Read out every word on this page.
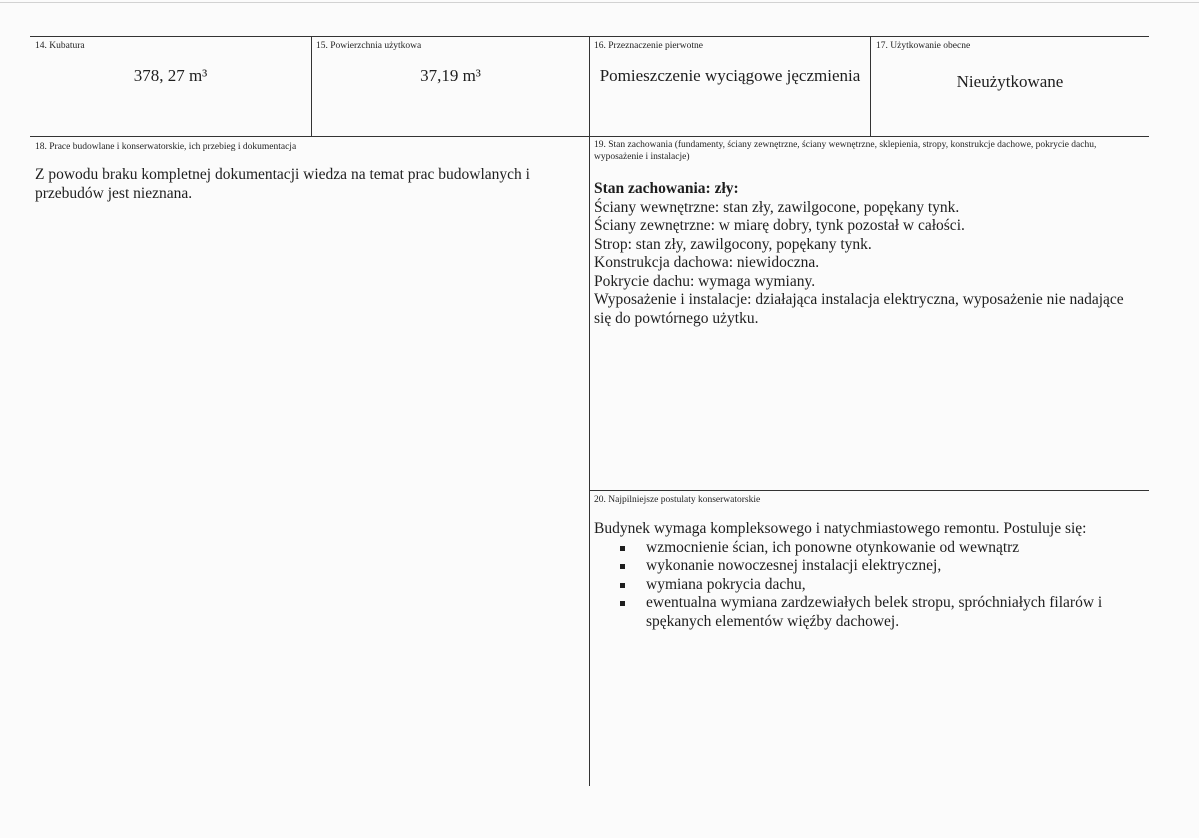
14. Kubatura
378, 27 m³
15. Powierzchnia użytkowa
37,19 m³
16. Przeznaczenie pierwotne
Pomieszczenie wyciągowe jęczmienia
17. Użytkowanie obecne
Nieużytkowane
18. Prace budowlane i konserwatorskie, ich przebieg i dokumentacja
Z powodu braku kompletnej dokumentacji wiedza na temat prac budowlanych i
przebudów jest nieznana.
19. Stan zachowania (fundamenty, ściany zewnętrzne, ściany wewnętrzne, sklepienia, stropy, konstrukcje dachowe, pokrycie dachu, wyposażenie i instalacje)
Stan zachowania: zły:
Ściany wewnętrzne: stan zły, zawilgocone, popękany tynk.
Ściany zewnętrzne: w miarę dobry, tynk pozostał w całości.
Strop: stan zły, zawilgocony, popękany tynk.
Konstrukcja dachowa: niewidoczna.
Pokrycie dachu: wymaga wymiany.
Wyposażenie i instalacje: działająca instalacja elektryczna, wyposażenie nie nadające
się do powtórnego użytku.
20. Najpilniejsze postulaty konserwatorskie
Budynek wymaga kompleksowego i natychmiastowego remontu. Postuluje się:
wzmocnienie ścian, ich ponowne otynkowanie od wewnątrz
wykonanie nowoczesnej instalacji elektrycznej,
wymiana pokrycia dachu,
ewentualna wymiana zardzewiałych belek stropu, spróchniałych filarów i
spękanych elementów więźby dachowej.
